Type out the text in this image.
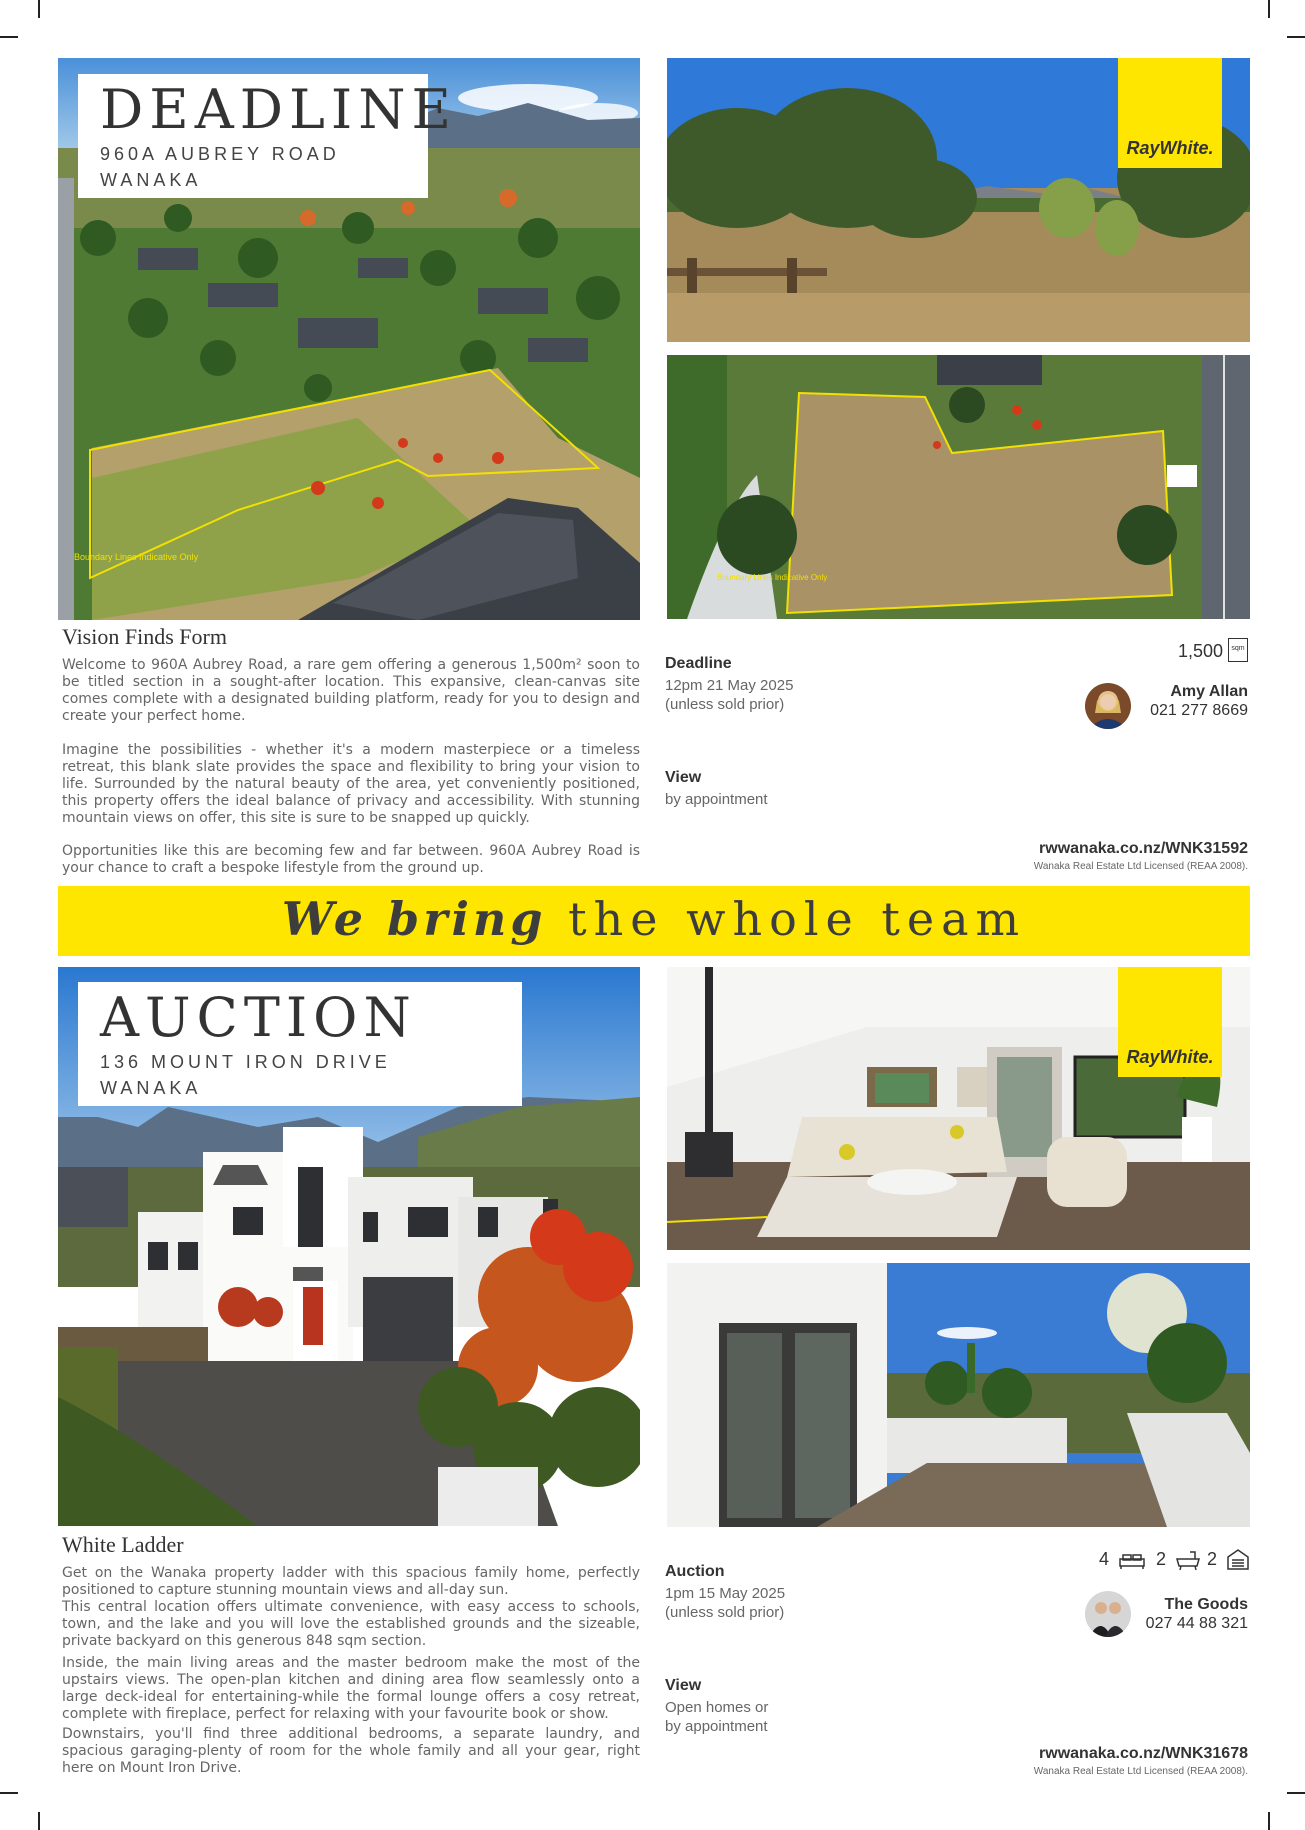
Boundary Lines Indicative Only
DEADLINE
960A AUBREY ROAD
WANAKA
RayWhite.
Boundary Lines Indicative Only
Vision Finds Form

Welcome to 960A Aubrey Road, a rare gem offering a generous 1,500m² soon to be titled section in a sought-after location. This expansive, clean-canvas site comes complete with a designated building platform, ready for you to design and create your perfect home.

Imagine the possibilities - whether it's a modern masterpiece or a timeless retreat, this blank slate provides the space and flexibility to bring your vision to life. Surrounded by the natural beauty of the area, yet conveniently positioned, this property offers the ideal balance of privacy and accessibility. With stunning mountain views on offer, this site is sure to be snapped up quickly.

Opportunities like this are becoming few and far between. 960A Aubrey Road is your chance to craft a bespoke lifestyle from the ground up.

Deadline
12pm 21 May 2025
(unless sold prior)
View
by appointment
1,500	sqm
Amy Allan
021 277 8669
rwwanaka.co.nz/WNK31592
Wanaka Real Estate Ltd Licensed (REAA 2008).
We bring the whole team
AUCTION
136 MOUNT IRON DRIVE
WANAKA
RayWhite.
White Ladder

Get on the Wanaka property ladder with this spacious family home, perfectly positioned to capture stunning mountain views and all-day sun.

This central location offers ultimate convenience, with easy access to schools, town, and the lake and you will love the established grounds and the sizeable, private backyard on this generous 848 sqm section.

Inside, the main living areas and the master bedroom make the most of the upstairs views. The open-plan kitchen and dining area flow seamlessly onto a large deck-ideal for entertaining-while the formal lounge offers a cosy retreat, complete with fireplace, perfect for relaxing with your favourite book or show.

Downstairs, you'll find three additional bedrooms, a separate laundry, and spacious garaging-plenty of room for the whole family and all your gear, right here on Mount Iron Drive.

Auction
1pm 15 May 2025
(unless sold prior)
View
Open homes or
by appointment
4	2 2
The Goods
027 44 88 321
rwwanaka.co.nz/WNK31678
Wanaka Real Estate Ltd Licensed (REAA 2008).
